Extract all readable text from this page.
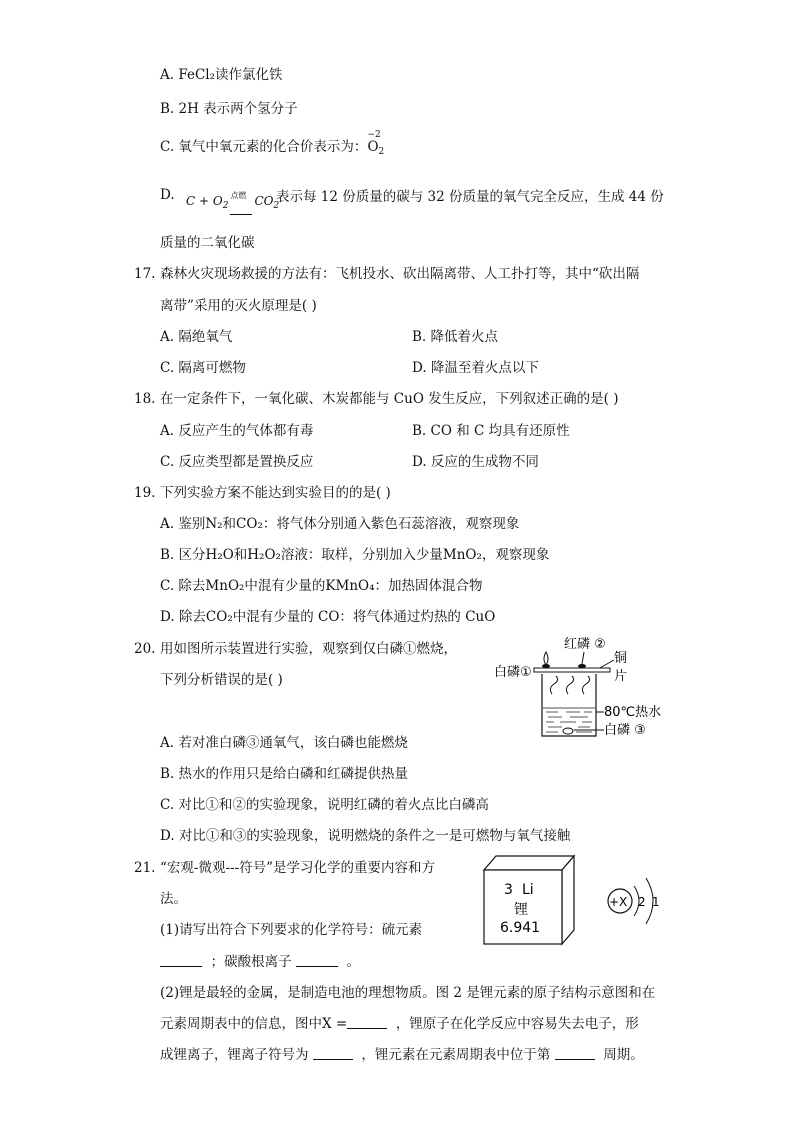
A. FeCl₂读作氯化铁
B. 2H 表示两个氢分子
C. 氧气中氧元素的化合价表示为：
−2
$O_2$
D. $C + O_2$
点燃 $CO_2$
表示每 12 份质量的碳与 32 份质量的氧气完全反应，生成 44 份
质量的二氧化碳
17. 森林火灾现场救援的方法有：飞机投水、砍出隔离带、人工扑打等，其中“砍出隔
离带”采用的灭火原理是( )
A. 隔绝氧气	B. 降低着火点
C. 隔离可燃物	D. 降温至着火点以下
18. 在一定条件下，一氧化碳、木炭都能与 CuO 发生反应，下列叙述正确的是( )
A. 反应产生的气体都有毒	B. CO 和 C 均具有还原性
C. 反应类型都是置换反应	D. 反应的生成物不同
19. 下列实验方案不能达到实验目的的是( )
A. 鉴别N₂和CO₂：将气体分别通入紫色石蕊溶液，观察现象
B. 区分H₂O和H₂O₂溶液：取样，分别加入少量MnO₂，观察现象
C. 除去MnO₂中混有少量的KMnO₄：加热固体混合物
D. 除去CO₂中混有少量的 CO：将气体通过灼热的 CuO
20. 用如图所示装置进行实验，观察到仅白磷①燃烧，
下列分析错误的是( )
红磷 ②
白磷①
铜
片
80℃热水
白磷 ③
A. 若对准白磷③通氧气，该白磷也能燃烧
B. 热水的作用只是给白磷和红磷提供热量
C. 对比①和②的实验现象，说明红磷的着火点比白磷高
D. 对比①和③的实验现象，说明燃烧的条件之一是可燃物与氧气接触
21. “宏观-微观---符号”是学习化学的重要内容和方
法。
3 Li
锂
6.941
+X 2 1
(1)请写出符合下列要求的化学符号：硫元素
；碳酸根离子	。
(2)锂是最轻的金属，是制造电池的理想物质。图 2 是锂元素的原子结构示意图和在
元素周期表中的信息，图中X =	，锂原子在化学反应中容易失去电子，形
成锂离子，锂离子符号为	，锂元素在元素周期表中位于第	周期。
